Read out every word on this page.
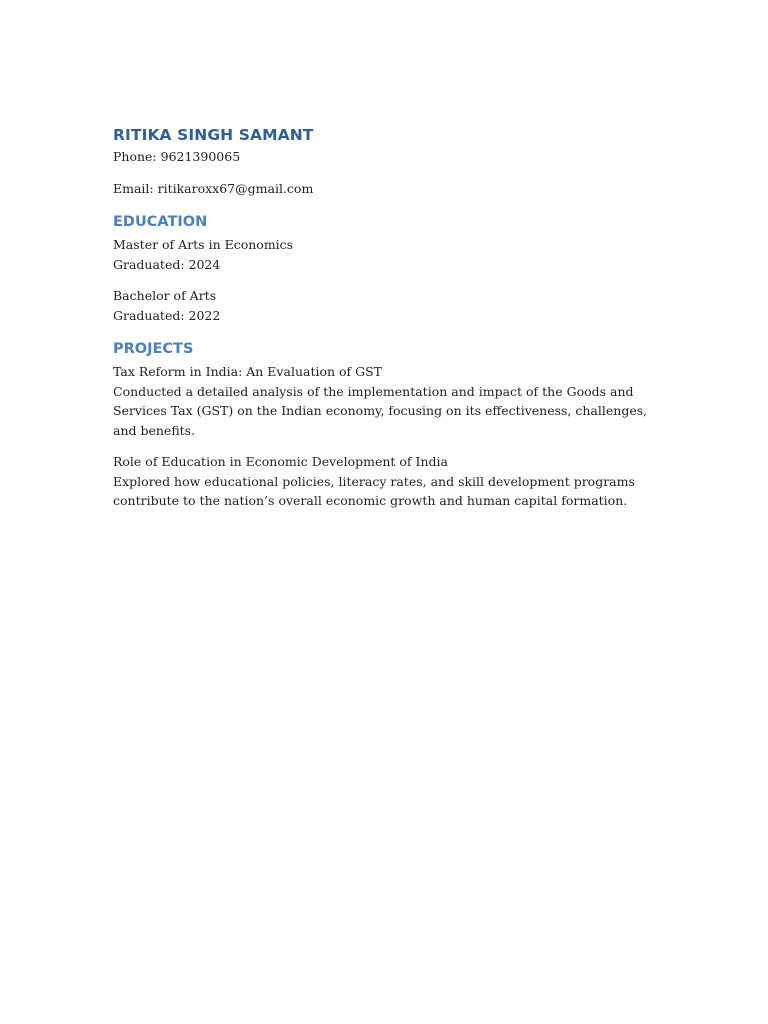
RITIKA SINGH SAMANT
Phone: 9621390065
Email: ritikaroxx67@gmail.com
EDUCATION
Master of Arts in Economics
Graduated: 2024
Bachelor of Arts
Graduated: 2022
PROJECTS
Tax Reform in India: An Evaluation of GST

Conducted a detailed analysis of the implementation and impact of the Goods and Services Tax (GST) on the Indian economy, focusing on its effectiveness, challenges, and benefits.

Role of Education in Economic Development of India

Explored how educational policies, literacy rates, and skill development programs contribute to the nation’s overall economic growth and human capital formation.
